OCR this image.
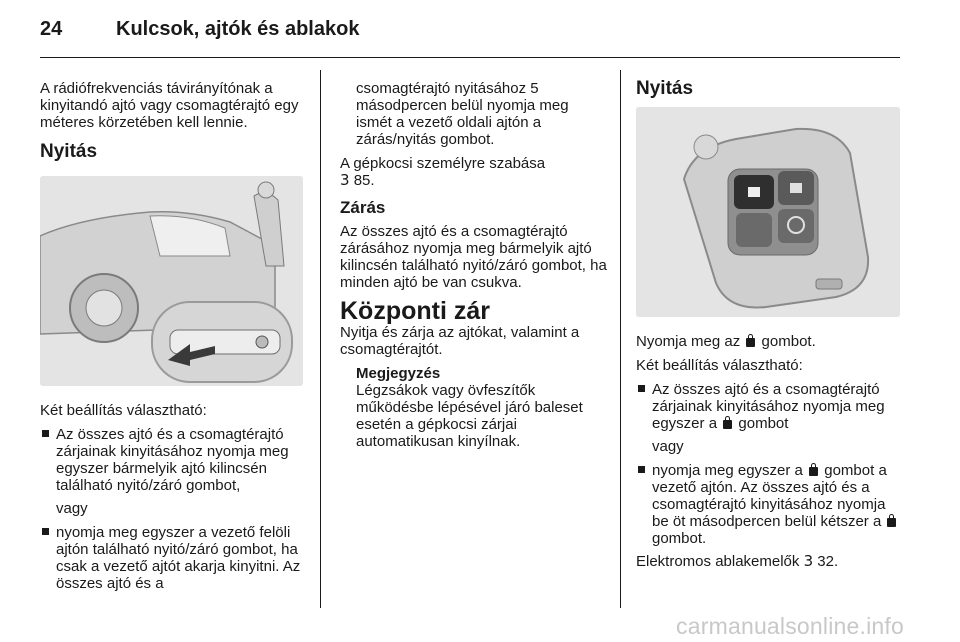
24	Kulcsok, ajtók és ablakok

A rádiófrekvenciás távirányítónak a kinyitandó ajtó vagy csomagtérajtó egy méteres körzetében kell lennie.

Nyitás

Két beállítás választható:

Az összes ajtó és a csomagtérajtó zárjainak kinyitásához nyomja meg egyszer bármelyik ajtó kilincsén található nyitó/záró gombot,

vagy

nyomja meg egyszer a vezető felöli ajtón található nyitó/záró gombot, ha csak a vezető ajtót akarja kinyitni. Az összes ajtó és a

csomagtérajtó nyitásához 5 másodpercen belül nyomja meg ismét a vezető oldali ajtón a zárás/nyitás gombot.

A gépkocsi személyre szabása
3 85.

Zárás

Az összes ajtó és a csomagtérajtó zárásához nyomja meg bármelyik ajtó kilincsén található nyitó/záró gombot, ha minden ajtó be van csukva.

Központi zár

Nyitja és zárja az ajtókat, valamint a csomagtérajtót.

Megjegyzés
Légzsákok vagy övfeszítők működésbe lépésével járó baleset esetén a gépkocsi zárjai automatikusan kinyílnak.

Nyitás

Nyomja meg az gombot.

Két beállítás választható:

Az összes ajtó és a csomagtérajtó zárjainak kinyitásához nyomja meg egyszer a gombot

vagy

nyomja meg egyszer a gombot a vezető ajtón. Az összes ajtó és a csomagtérajtó kinyitásához nyomja be öt másodpercen belül kétszer a  gombot.

Elektromos ablakemelők 3 32.

carmanualsonline.info
